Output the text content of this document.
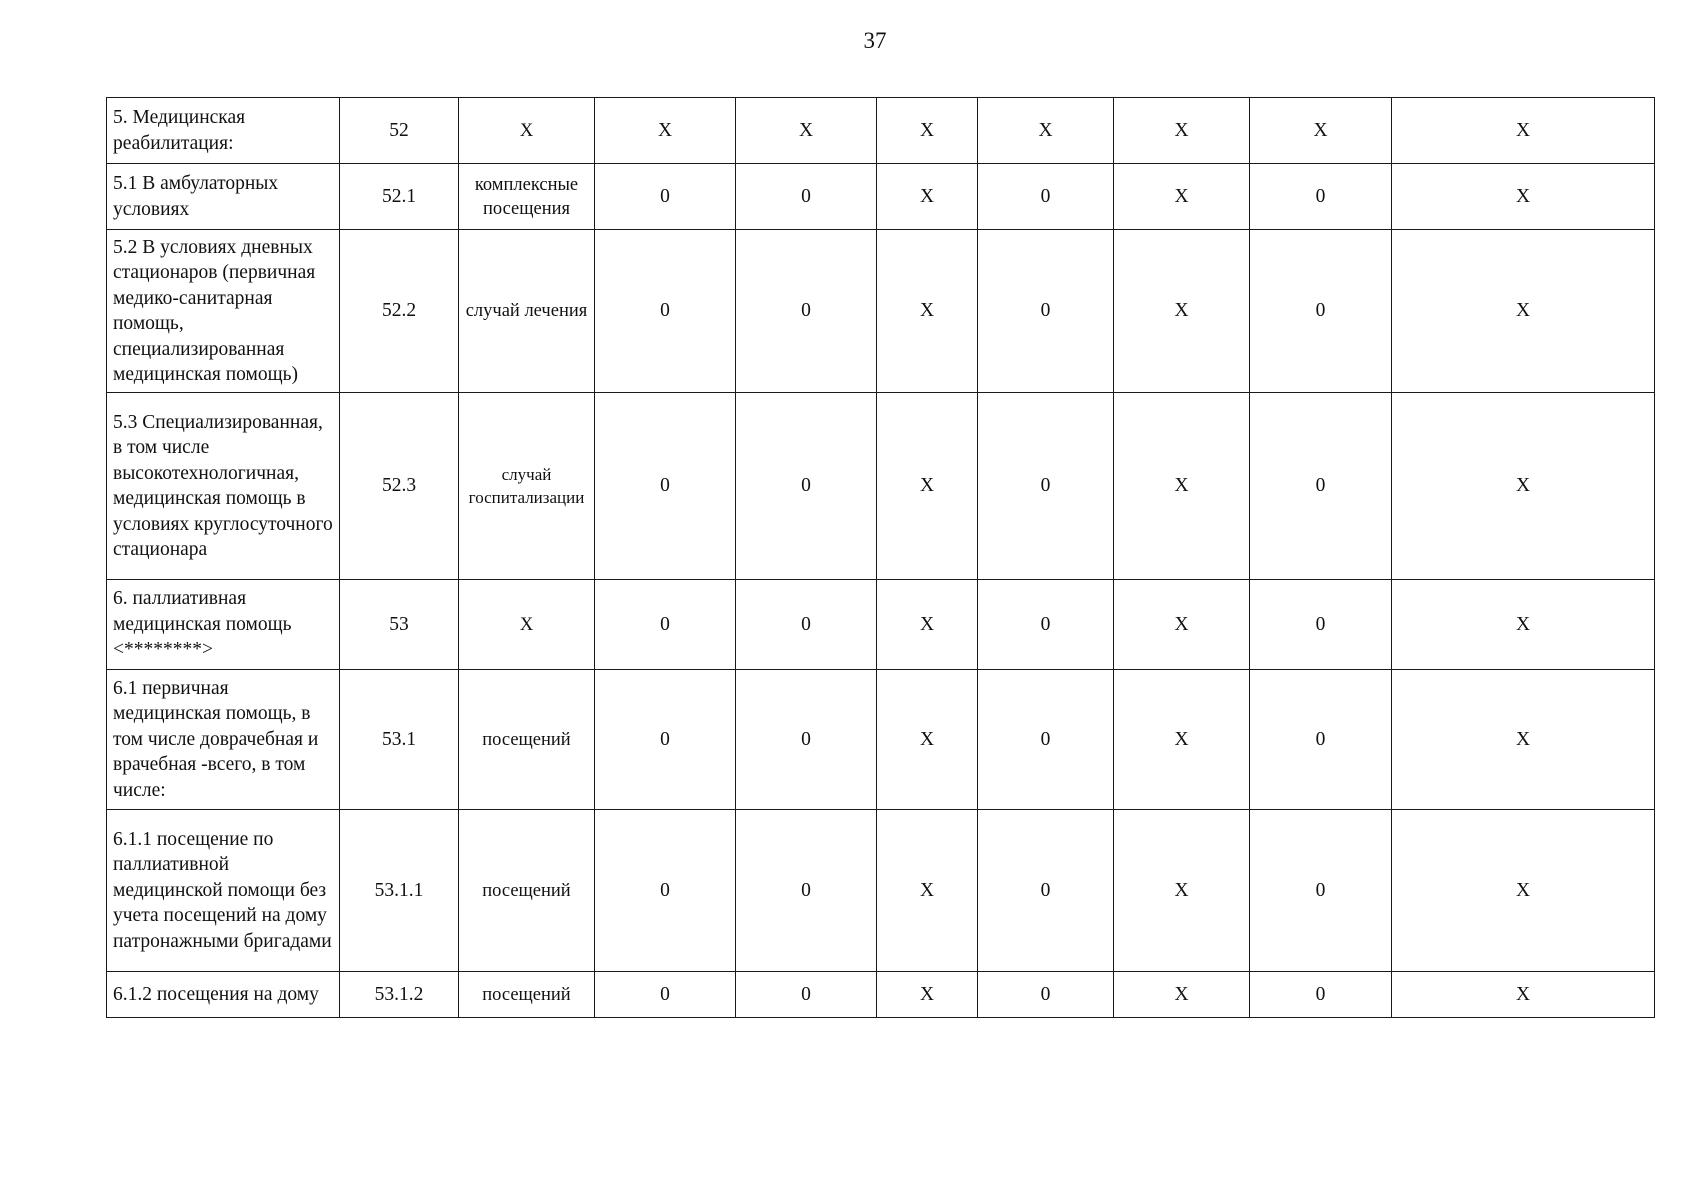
37
5. Медицинская реабилитация:	52	X	X	X	X	X	X	X	X
5.1 В амбулаторных условиях	52.1	комплексные посещения	0	0	X	0	X	0	X
5.2 В условиях дневных стационаров (первичная медико-санитарная помощь, специализированная медицинская помощь)	52.2	случай лечения	0	0	X	0	X	0	X
5.3 Специализированная, в том числе высокотехнологичная, медицинская помощь в условиях круглосуточного стационара	52.3	случай госпитализации	0	0	X	0	X	0	X
6. паллиативная медицинская помощь <********>	53	X	0	0	X	0	X	0	X
6.1 первичная медицинская помощь, в том числе доврачебная и врачебная -всего, в том числе:	53.1	посещений	0	0	X	0	X	0	X
6.1.1 посещение по паллиативной медицинской помощи без учета посещений на дому патронажными бригадами	53.1.1	посещений	0	0	X	0	X	0	X
6.1.2 посещения на дому	53.1.2	посещений	0	0	X	0	X	0	X
